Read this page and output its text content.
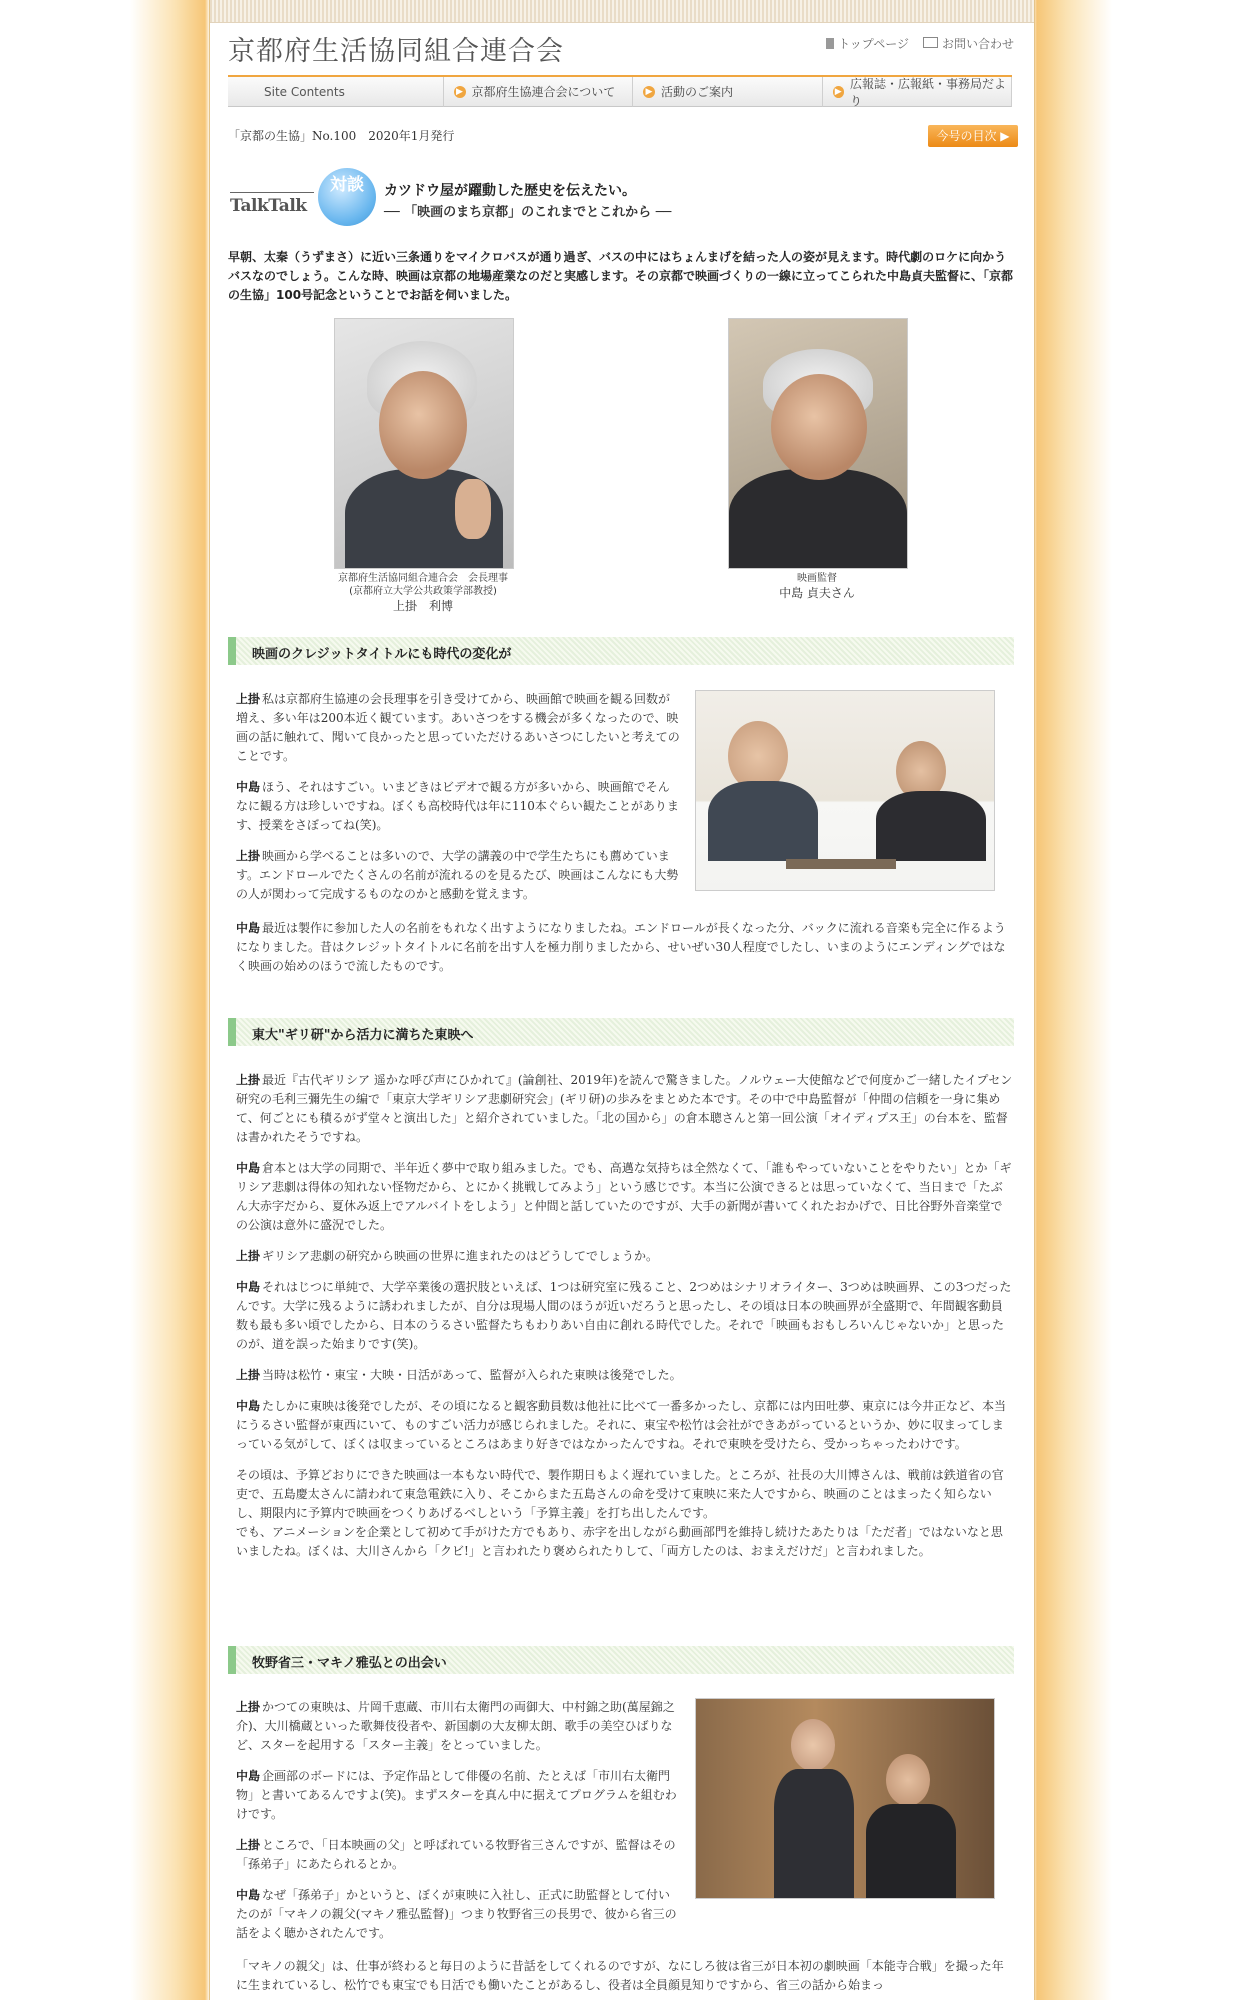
京都府生活協同組合連合会	トップページ	お問い合わせ
Site Contents	▶ 京都府生協連合会について	▶ 活動のご案内	▶
広報誌・広報紙・事務局だより
「京都の生協」No.100　2020年1月発行	今号の目次 ▶
TalkTalk
対談	カツドウ屋が躍動した歴史を伝えたい。
── 「映画のまち京都」のこれまでとこれから ──
早朝、太秦（うずまさ）に近い三条通りをマイクロバスが通り過ぎ、バスの中にはちょんまげを結った人の姿が見えます。時代劇のロケに向かうバスなのでしょう。こんな時、映画は京都の地場産業なのだと実感します。その京都で映画づくりの一線に立ってこられた中島貞夫監督に、「京都の生協」100号記念ということでお話を伺いました。
京都府生活協同組合連合会　会長理事
(京都府立大学公共政策学部教授)
上掛　利博
映画監督
中島 貞夫さん
映画のクレジットタイトルにも時代の変化が

上掛 私は京都府生協連の会長理事を引き受けてから、映画館で映画を観る回数が増え、多い年は200本近く観ています。あいさつをする機会が多くなったので、映画の話に触れて、聞いて良かったと思っていただけるあいさつにしたいと考えてのことです。

中島 ほう、それはすごい。いまどきはビデオで観る方が多いから、映画館でそんなに観る方は珍しいですね。ぼくも高校時代は年に110本ぐらい観たことがあります、授業をさぼってね(笑)。

上掛 映画から学べることは多いので、大学の講義の中で学生たちにも薦めています。エンドロールでたくさんの名前が流れるのを見るたび、映画はこんなにも大勢の人が関わって完成するものなのかと感動を覚えます。

中島 最近は製作に参加した人の名前をもれなく出すようになりましたね。エンドロールが長くなった分、バックに流れる音楽も完全に作るようになりました。昔はクレジットタイトルに名前を出す人を極力削りましたから、せいぜい30人程度でしたし、いまのようにエンディングではなく映画の始めのほうで流したものです。

東大"ギリ研"から活力に満ちた東映へ

上掛 最近『古代ギリシア 遥かな呼び声にひかれて』(論創社、2019年)を読んで驚きました。ノルウェー大使館などで何度かご一緒したイプセン研究の毛利三彌先生の編で「東京大学ギリシア悲劇研究会」(ギリ研)の歩みをまとめた本です。その中で中島監督が「仲間の信頼を一身に集めて、何ごとにも積るがず堂々と演出した」と紹介されていました。「北の国から」の倉本聰さんと第一回公演「オイディプス王」の台本を、監督は書かれたそうですね。

中島 倉本とは大学の同期で、半年近く夢中で取り組みました。でも、高邁な気持ちは全然なくて、「誰もやっていないことをやりたい」とか「ギリシア悲劇は得体の知れない怪物だから、とにかく挑戦してみよう」という感じです。本当に公演できるとは思っていなくて、当日まで「たぶん大赤字だから、夏休み返上でアルバイトをしよう」と仲間と話していたのですが、大手の新聞が書いてくれたおかげで、日比谷野外音楽堂での公演は意外に盛況でした。

上掛 ギリシア悲劇の研究から映画の世界に進まれたのはどうしてでしょうか。

中島 それはじつに単純で、大学卒業後の選択肢といえば、1つは研究室に残ること、2つめはシナリオライター、3つめは映画界、この3つだったんです。大学に残るように誘われましたが、自分は現場人間のほうが近いだろうと思ったし、その頃は日本の映画界が全盛期で、年間観客動員数も最も多い頃でしたから、日本のうるさい監督たちもわりあい自由に創れる時代でした。それで「映画もおもしろいんじゃないか」と思ったのが、道を誤った始まりです(笑)。

上掛 当時は松竹・東宝・大映・日活があって、監督が入られた東映は後発でした。

中島 たしかに東映は後発でしたが、その頃になると観客動員数は他社に比べて一番多かったし、京都には内田吐夢、東京には今井正など、本当にうるさい監督が東西にいて、ものすごい活力が感じられました。それに、東宝や松竹は会社ができあがっているというか、妙に収まってしまっている気がして、ぼくは収まっているところはあまり好きではなかったんですね。それで東映を受けたら、受かっちゃったわけです。

その頃は、予算どおりにできた映画は一本もない時代で、製作期日もよく遅れていました。ところが、社長の大川博さんは、戦前は鉄道省の官吏で、五島慶太さんに請われて東急電鉄に入り、そこからまた五島さんの命を受けて東映に来た人ですから、映画のことはまったく知らないし、期限内に予算内で映画をつくりあげるべしという「予算主義」を打ち出したんです。
でも、アニメーションを企業として初めて手がけた方でもあり、赤字を出しながら動画部門を維持し続けたあたりは「ただ者」ではないなと思いましたね。ぼくは、大川さんから「クビ!」と言われたり褒められたりして、「両方したのは、おまえだけだ」と言われました。

牧野省三・マキノ雅弘との出会い

上掛 かつての東映は、片岡千恵蔵、市川右太衛門の両御大、中村錦之助(萬屋錦之介)、大川橋蔵といった歌舞伎役者や、新国劇の大友柳太朗、歌手の美空ひばりなど、スターを起用する「スター主義」をとっていました。

中島 企画部のボードには、予定作品として俳優の名前、たとえば「市川右太衛門物」と書いてあるんですよ(笑)。まずスターを真ん中に据えてプログラムを組むわけです。

上掛 ところで、「日本映画の父」と呼ばれている牧野省三さんですが、監督はその「孫弟子」にあたられるとか。

中島 なぜ「孫弟子」かというと、ぼくが東映に入社し、正式に助監督として付いたのが「マキノの親父(マキノ雅弘監督)」つまり牧野省三の長男で、彼から省三の話をよく聴かされたんです。

「マキノの親父」は、仕事が終わると毎日のように昔話をしてくれるのですが、なにしろ彼は省三が日本初の劇映画「本能寺合戦」を撮った年に生まれているし、松竹でも東宝でも日活でも働いたことがあるし、役者は全員顔見知りですから、省三の話から始まっ
